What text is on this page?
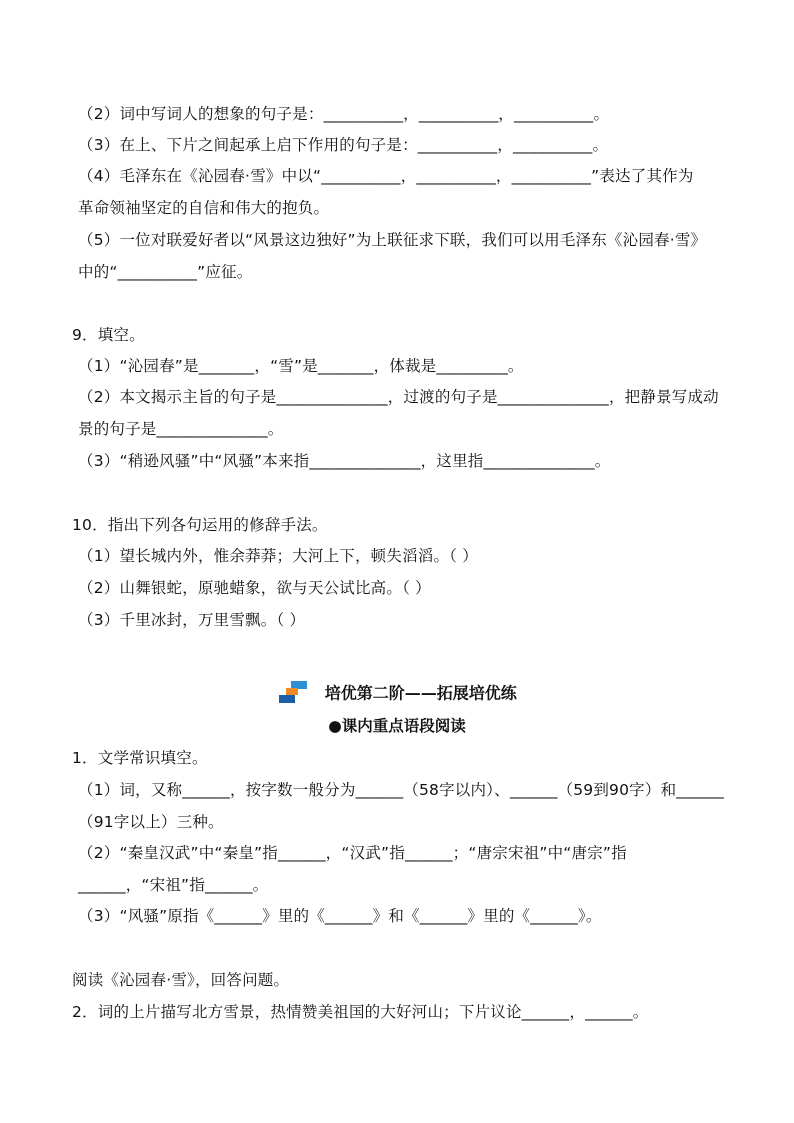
（2）词中写词人的想象的句子是：__________，__________，__________。
（3）在上、下片之间起承上启下作用的句子是：__________，__________。
（4）毛泽东在《沁园春·雪》中以“__________，__________，__________”表达了其作为
革命领袖坚定的自信和伟大的抱负。
（5）一位对联爱好者以“风景这边独好”为上联征求下联，我们可以用毛泽东《沁园春·雪》
中的“__________”应征。
9．填空。
（1）“沁园春”是_______，“雪”是_______，体裁是_________。
（2）本文揭示主旨的句子是______________，过渡的句子是______________，把静景写成动
景的句子是______________。
（3）“稍逊风骚”中“风骚”本来指______________，这里指______________。
10．指出下列各句运用的修辞手法。
（1）望长城内外，惟余莽莽；大河上下，顿失滔滔。（ ）
（2）山舞银蛇，原驰蜡象，欲与天公试比高。（ ）
（3）千里冰封，万里雪飘。（ ）
培优第二阶——拓展培优练
●课内重点语段阅读
1．文学常识填空。
（1）词，又称______，按字数一般分为______（58字以内）、______（59到90字）和______
（91字以上）三种。
（2）“秦皇汉武”中“秦皇”指______，“汉武”指______；“唐宗宋祖”中“唐宗”指
______，“宋祖”指______。
（3）“风骚”原指《______》里的《______》和《______》里的《______》。
阅读《沁园春·雪》，回答问题。
2．词的上片描写北方雪景，热情赞美祖国的大好河山；下片议论______，______。
